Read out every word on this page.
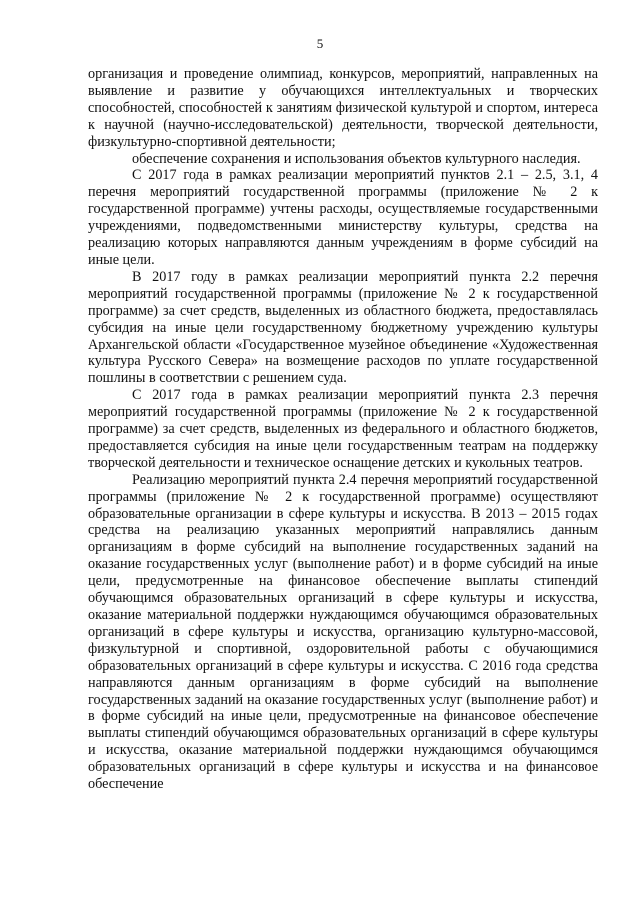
5

организация и проведение олимпиад, конкурсов, мероприятий, направленных на выявление и развитие у обучающихся интеллектуальных и творческих способностей, способностей к занятиям физической культурой и спортом, интереса к научной (научно-исследовательской) деятельности, творческой деятельности, физкультурно-спортивной деятельности;

обеспечение сохранения и использования объектов культурного наследия.

С 2017 года в рамках реализации мероприятий пунктов 2.1 – 2.5, 3.1, 4 перечня мероприятий государственной программы (приложение № 2 к государственной программе) учтены расходы, осуществляемые государственными учреждениями, подведомственными министерству культуры, средства на реализацию которых направляются данным учреждениям в форме субсидий на иные цели.

В 2017 году в рамках реализации мероприятий пункта 2.2 перечня мероприятий государственной программы (приложение № 2 к государственной программе) за счет средств, выделенных из областного бюджета, предоставлялась субсидия на иные цели государственному бюджетному учреждению культуры Архангельской области «Государственное музейное объединение «Художественная культура Русского Севера» на возмещение расходов по уплате государственной пошлины в соответствии с решением суда.

С 2017 года в рамках реализации мероприятий пункта 2.3 перечня мероприятий государственной программы (приложение № 2 к государственной программе) за счет средств, выделенных из федерального и областного бюджетов, предоставляется субсидия на иные цели государственным театрам на поддержку творческой деятельности и техническое оснащение детских и кукольных театров.

Реализацию мероприятий пункта 2.4 перечня мероприятий государственной программы (приложение № 2 к государственной программе) осуществляют образовательные организации в сфере культуры и искусства. В 2013 – 2015 годах средства на реализацию указанных мероприятий направлялись данным организациям в форме субсидий на выполнение государственных заданий на оказание государственных услуг (выполнение работ) и в форме субсидий на иные цели, предусмотренные на финансовое обеспечение выплаты стипендий обучающимся образовательных организаций в сфере культуры и искусства, оказание материальной поддержки нуждающимся обучающимся образовательных организаций в сфере культуры и искусства, организацию культурно-массовой, физкультурной и спортивной, оздоровительной работы с обучающимися образовательных организаций в сфере культуры и искусства. С 2016 года средства направляются данным организациям в форме субсидий на выполнение государственных заданий на оказание государственных услуг (выполнение работ) и в форме субсидий на иные цели, предусмотренные на финансовое обеспечение выплаты стипендий обучающимся образовательных организаций в сфере культуры и искусства, оказание материальной поддержки нуждающимся обучающимся образовательных организаций в сфере культуры и искусства и на финансовое обеспечение
